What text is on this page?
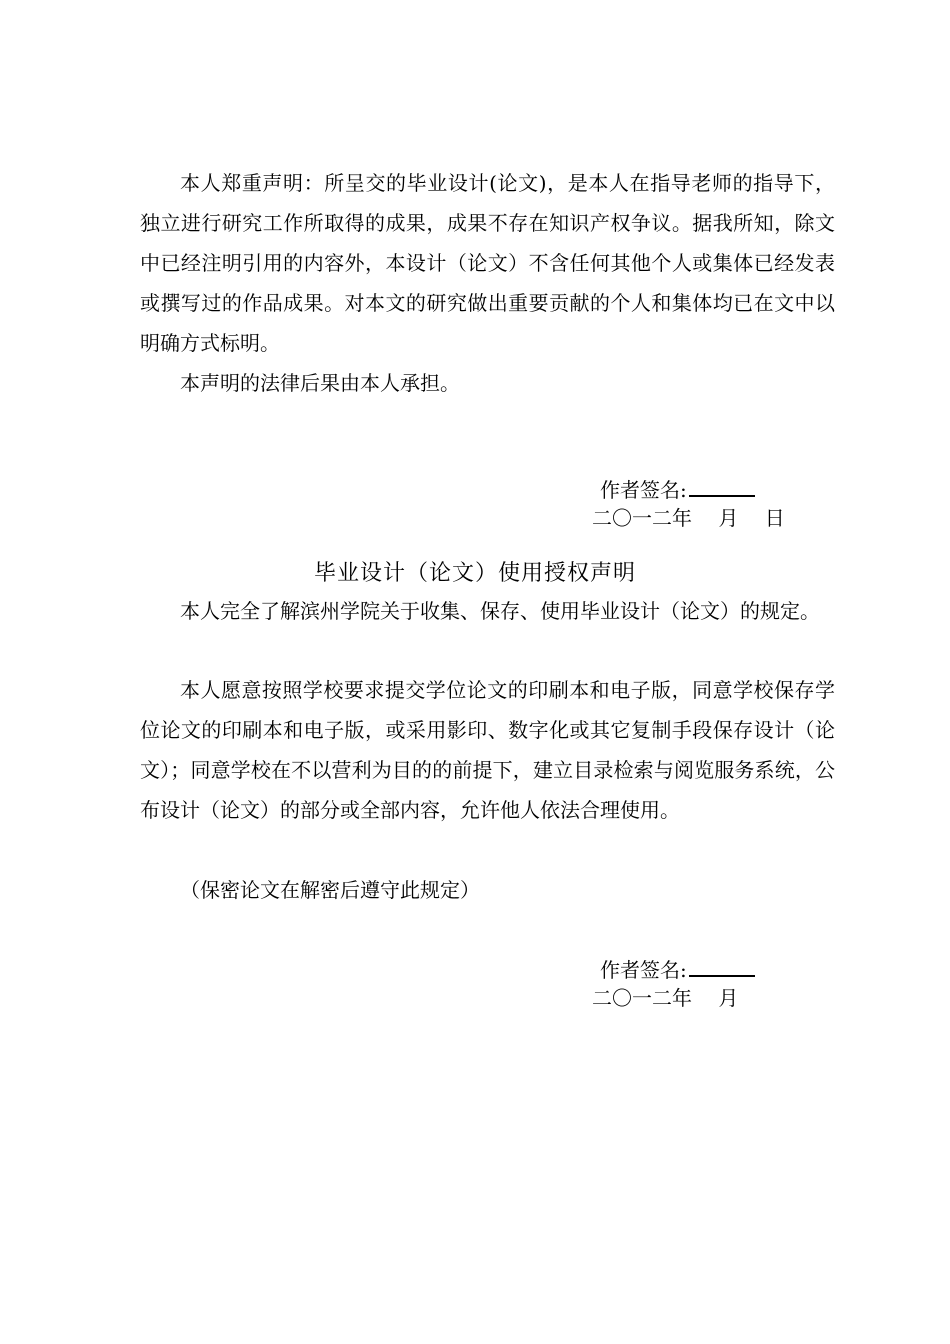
本人郑重声明：所呈交的毕业设计(论文)，是本人在指导老师的指导下，独立进行研究工作所取得的成果，成果不存在知识产权争议。据我所知，除文中已经注明引用的内容外，本设计（论文）不含任何其他个人或集体已经发表或撰写过的作品成果。对本文的研究做出重要贡献的个人和集体均已在文中以明确方式标明。

本声明的法律后果由本人承担。

作者签名:
二〇一二年　 月 　日
毕业设计（论文）使用授权声明

本人完全了解滨州学院关于收集、保存、使用毕业设计（论文）的规定。

本人愿意按照学校要求提交学位论文的印刷本和电子版，同意学校保存学位论文的印刷本和电子版，或采用影印、数字化或其它复制手段保存设计（论文）；同意学校在不以营利为目的的前提下，建立目录检索与阅览服务系统，公布设计（论文）的部分或全部内容，允许他人依法合理使用。

（保密论文在解密后遵守此规定）

作者签名:
二〇一二年　 月
